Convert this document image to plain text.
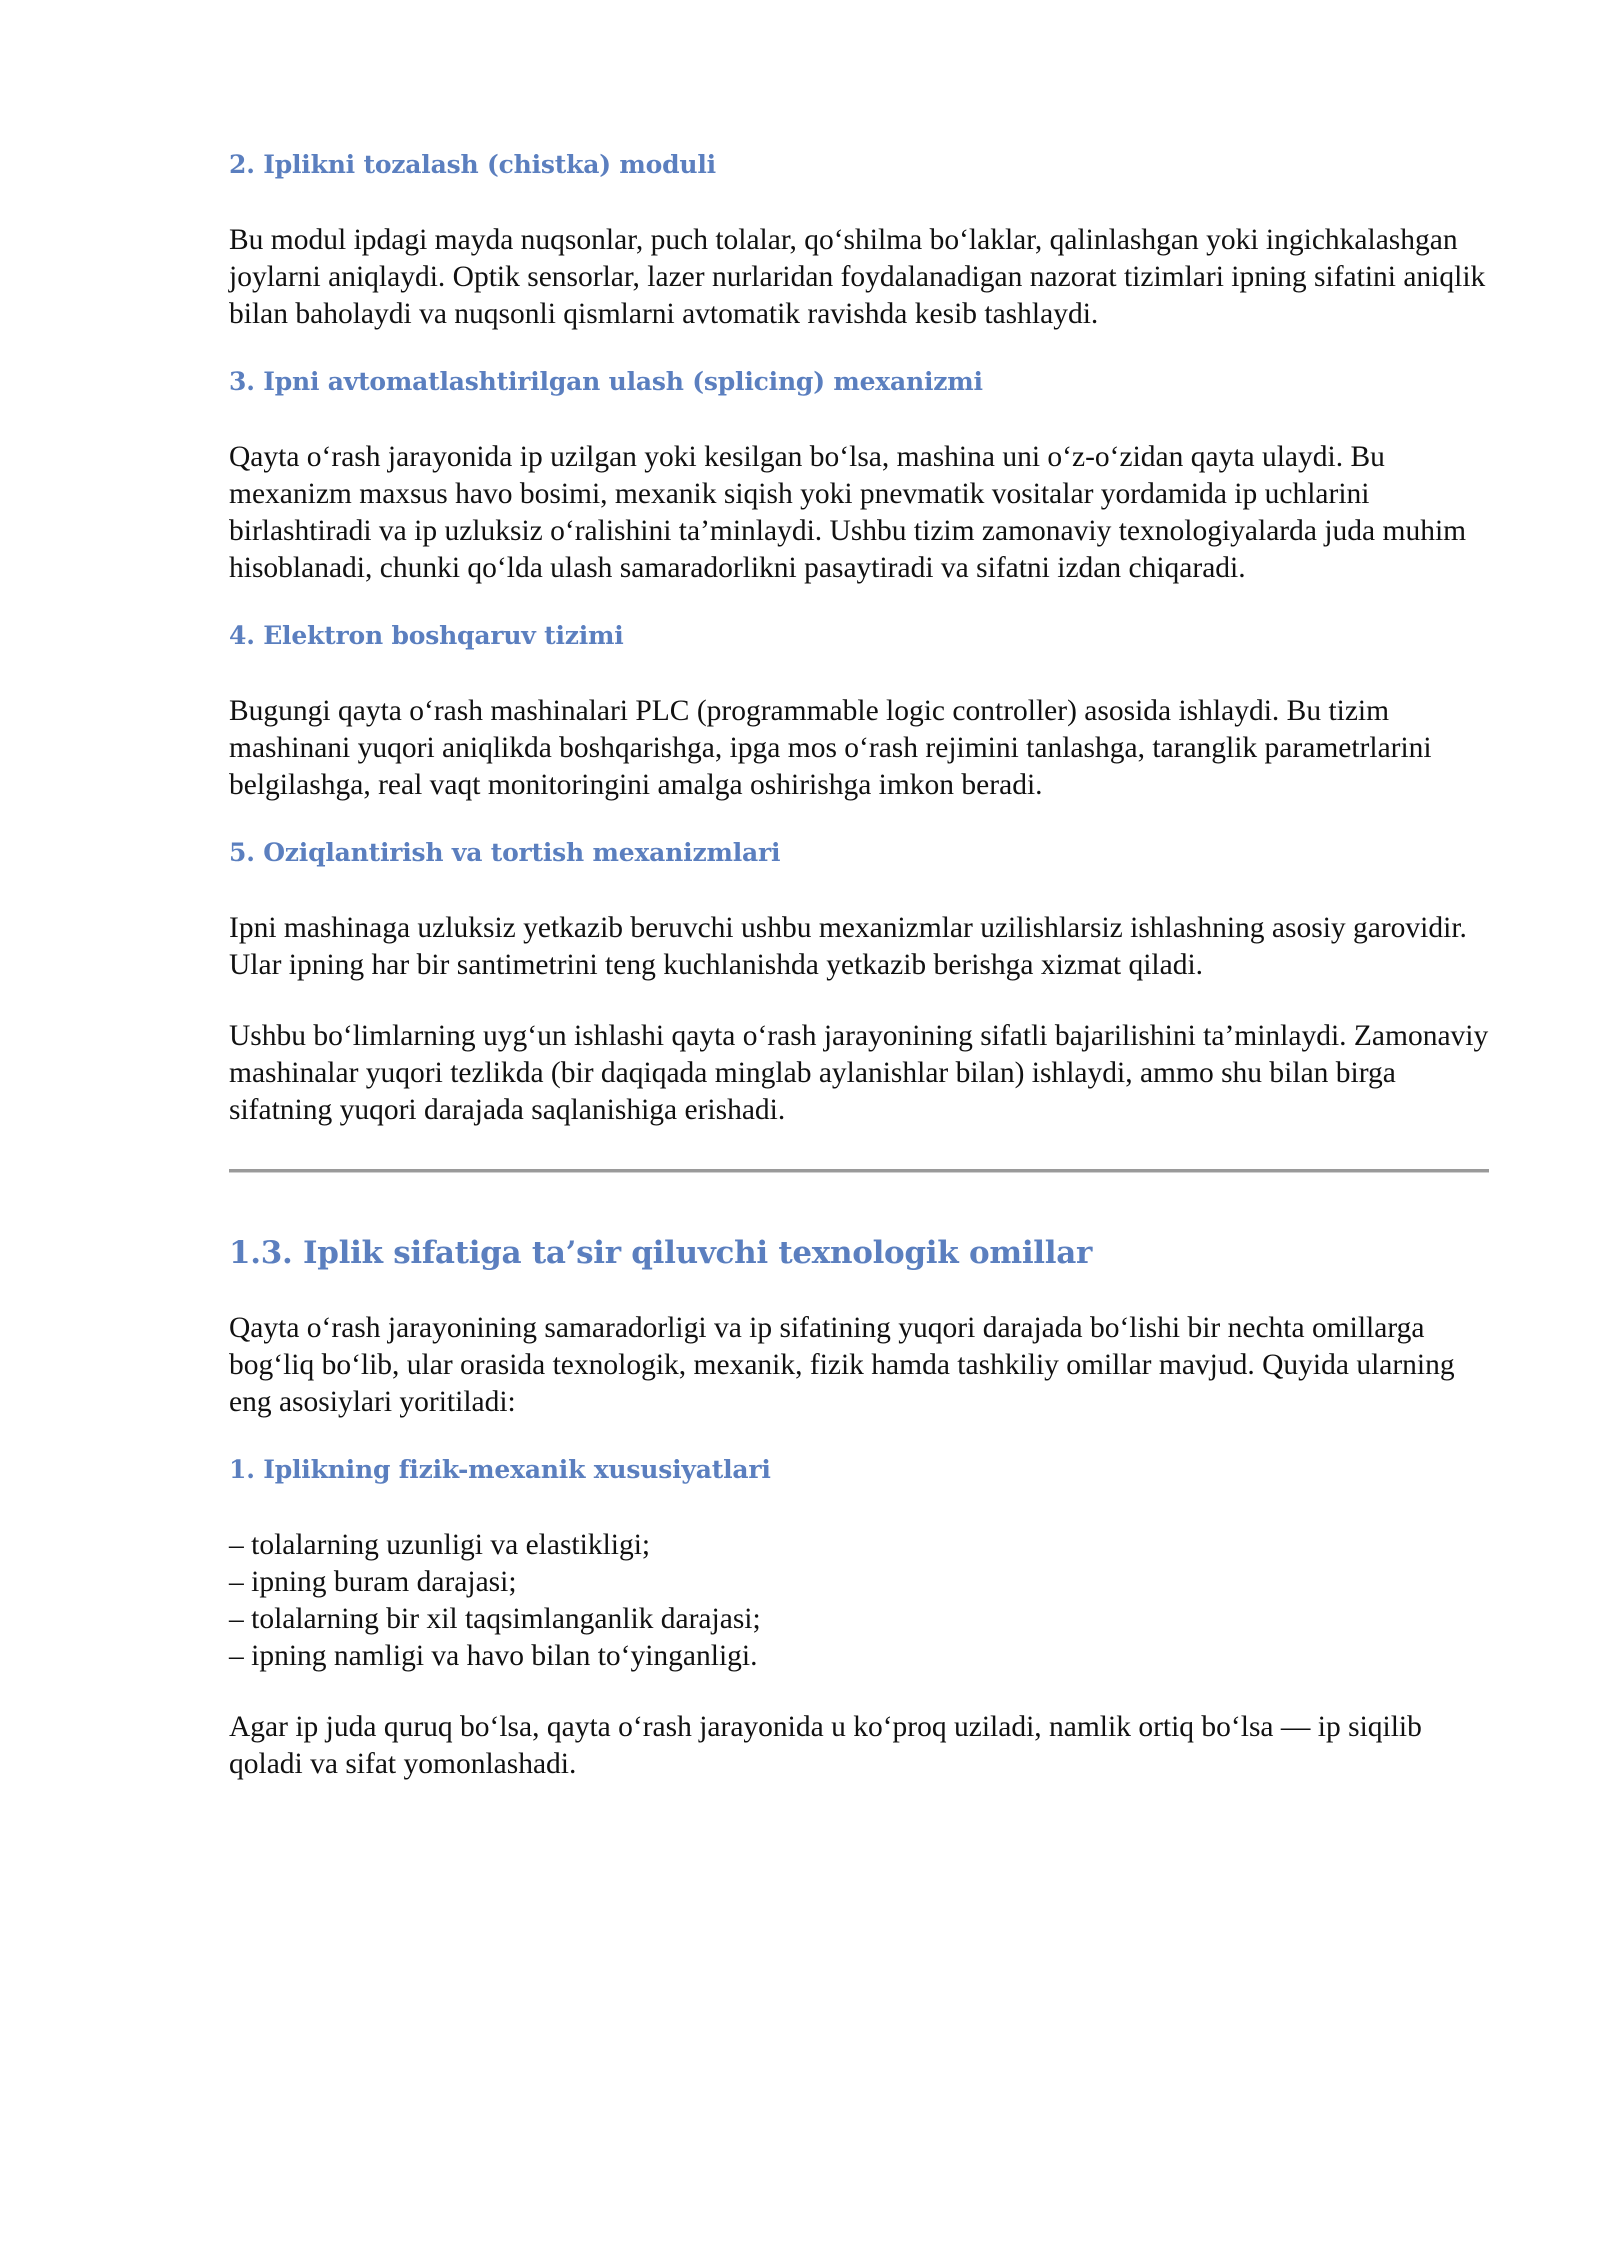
2. Iplikni tozalash (chistka) moduli

Bu modul ipdagi mayda nuqsonlar, puch tolalar, qo‘shilma bo‘laklar, qalinlashgan yoki ingichkalashgan joylarni aniqlaydi. Optik sensorlar, lazer nurlaridan foydalanadigan nazorat tizimlari ipning sifatini aniqlik bilan baholaydi va nuqsonli qismlarni avtomatik ravishda kesib tashlaydi.

3. Ipni avtomatlashtirilgan ulash (splicing) mexanizmi

Qayta o‘rash jarayonida ip uzilgan yoki kesilgan bo‘lsa, mashina uni o‘z-o‘zidan qayta ulaydi. Bu mexanizm maxsus havo bosimi, mexanik siqish yoki pnevmatik vositalar yordamida ip uchlarini birlashtiradi va ip uzluksiz o‘ralishini ta’minlaydi. Ushbu tizim zamonaviy texnologiyalarda juda muhim hisoblanadi, chunki qo‘lda ulash samaradorlikni pasaytiradi va sifatni izdan chiqaradi.

4. Elektron boshqaruv tizimi

Bugungi qayta o‘rash mashinalari PLC (programmable logic controller) asosida ishlaydi. Bu tizim mashinani yuqori aniqlikda boshqarishga, ipga mos o‘rash rejimini tanlashga, taranglik parametrlarini belgilashga, real vaqt monitoringini amalga oshirishga imkon beradi.

5. Oziqlantirish va tortish mexanizmlari

Ipni mashinaga uzluksiz yetkazib beruvchi ushbu mexanizmlar uzilishlarsiz ishlashning asosiy garovidir. Ular ipning har bir santimetrini teng kuchlanishda yetkazib berishga xizmat qiladi.

Ushbu bo‘limlarning uyg‘un ishlashi qayta o‘rash jarayonining sifatli bajarilishini ta’minlaydi. Zamonaviy mashinalar yuqori tezlikda (bir daqiqada minglab aylanishlar bilan) ishlaydi, ammo shu bilan birga sifatning yuqori darajada saqlanishiga erishadi.

1.3. Iplik sifatiga ta’sir qiluvchi texnologik omillar

Qayta o‘rash jarayonining samaradorligi va ip sifatining yuqori darajada bo‘lishi bir nechta omillarga bog‘liq bo‘lib, ular orasida texnologik, mexanik, fizik hamda tashkiliy omillar mavjud. Quyida ularning eng asosiylari yoritiladi:

1. Iplikning fizik-mexanik xususiyatlari

– tolalarning uzunligi va elastikligi;
– ipning buram darajasi;
– tolalarning bir xil taqsimlanganlik darajasi;
– ipning namligi va havo bilan to‘yinganligi.

Agar ip juda quruq bo‘lsa, qayta o‘rash jarayonida u ko‘proq uziladi, namlik ortiq bo‘lsa — ip siqilib qoladi va sifat yomonlashadi.
